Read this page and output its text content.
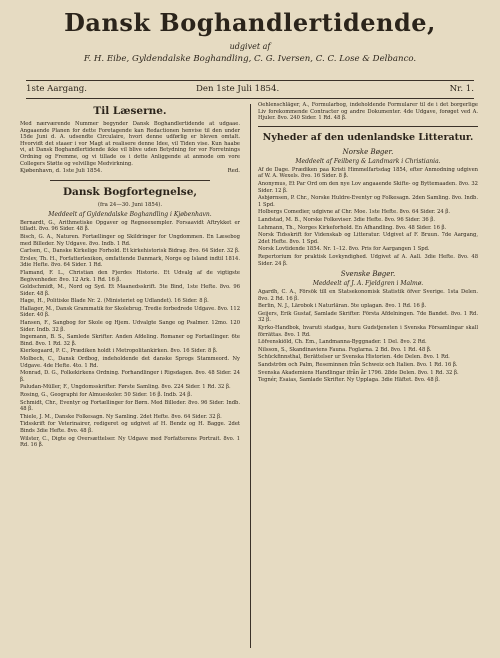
Dansk Boghandlertidende,
udgivet af
F. H. Eibe, Gyldendalske Boghandling, C. G. Iversen, C. C. Lose & Delbanco.
1ste Aargang.	Den 1ste Juli 1854.	Nr. 1.
Til Læserne.

Med nærværende Nummer begynder Dansk Boghandlertidende at udgaae. Angaaende Planen for dette Foretagende kan Redactionen henvise til den under 15de Juni d. A. udsendte Circulaire, hvori denne udførlig er bleven omtalt. Hvorvidt det staaer i vor Magt at realisere denne Idee, vil Tiden vise. Kun haabe vi, at Dansk Boghandlertidende ikke vil blive uden Betydning for vor Forretnings Ordning og Fremme, og vi tillade os i dette Anliggende at anmode om vore Collegers Støtte og velvillige Medvirkning.

Kjøbenhavn, d. 1ste Juli 1854.	Red.
Dansk Bogfortegnelse,
(fra 24—30. Juni 1854).
Meddeelt af Gyldendalske Boghandling i Kjøbenhavn.

Bernardt, G., Arithmetiske Opgaver og Regneexempler. Forsaavidt Aftrykket er tilladt. 8vo. 96 Sider. 48 β.

Bisch, G. A., Naturen. Fortællinger og Skildringer for Ungdommen. En Læsebog med Billeder. Ny Udgave. 8vo. Indb. 1 Rd.

Carlsen, C., Danske Kirkelige Forhold. Et kirkehistorisk Bidrag. 8vo. 64 Sider. 32 β.

Erslev, Th. H., Forfatterlexikon, omfattende Danmark, Norge og Island indtil 1814. 3die Hefte. 8vo. 64 Sider. 1 Rd.

Flamand, F. L., Christian den Fjerdes Historie. Et Udvalg af de vigtigste Begivenheder. 8vo. 12 Ark. 1 Rd. 16 β.

Goldschmidt, M., Nord og Syd. Et Maanedsskrift. 5te Bind, 1ste Hefte. 8vo. 96 Sider. 48 β.

Hage, H., Politiske Blade Nr. 2. (Ministeriet og Udlandet). 16 Sider. 8 β.

Hallager, M., Dansk Grammatik for Skolebrug. Tredie forbedrede Udgave. 8vo. 112 Sider. 40 β.

Hansen, F., Sangbog for Skole og Hjem. Udvalgte Sange og Psalmer. 12mo. 120 Sider. Indb. 32 β.

Ingemann, B. S., Samlede Skrifter. Anden Afdeling. Romaner og Fortællinger. 6te Bind. 8vo. 1 Rd. 32 β.

Kierkegaard, P. C., Prædiken holdt i Metropolitankirken. 8vo. 16 Sider. 8 β.

Molbech, C., Dansk Ordbog, indeholdende det danske Sprogs Stammeord. Ny Udgave. 4de Hefte. 4to. 1 Rd.

Monrad, D. G., Folkekirkens Ordning. Forhandlinger i Rigsdagen. 8vo. 48 Sider. 24 β.

Paludan-Müller, F., Ungdomsskrifter. Første Samling. 8vo. 224 Sider. 1 Rd. 32 β.

Rosing, G., Geographi for Almueskoler. 50 Sider. 16 β. Indb. 24 β.

Schmidt, Chr., Eventyr og Fortællinger for Børn. Med Billeder. 8vo. 96 Sider. Indb. 48 β.

Thiele, J. M., Danske Folkesagn. Ny Samling. 2det Hefte. 8vo. 64 Sider. 32 β.

Tidsskrift for Veterinairer, redigeret og udgivet af H. Bendz og H. Bagge. 2det Binds 3die Hefte. 8vo. 48 β.

Wilster, C., Digte og Oversættelser. Ny Udgave med Forfatterens Portrait. 8vo. 1 Rd. 16 β.

Oehlenschläger, A., Formularbog, indeholdende Formularer til de i det borgerlige Liv forekommende Contracter og andre Dokumenter. 4de Udgave, forøget ved A. Hjuler. 8vo. 240 Sider. 1 Rd. 48 β.

Nyheder af den udenlandske Litteratur.
Norske Bøger.
Meddeelt af Feilberg & Landmark i Christiania.

Af de Dage. Prædiken paa Kristi Himmelfartsdag 1854, efter Anmodning udgiven af W. A. Wexels. 8vo. 16 Sider. 8 β.

Anonymus, Et Par Ord om den nye Lov angaaende Skifte- og Byttemaaden. 8vo. 32 Sider. 12 β.

Asbjørnsen, P. Chr., Norske Huldre-Eventyr og Folkesagn. 2den Samling. 8vo. Indb. 1 Spd.

Holbergs Comedier, udgivne af Chr. Moe. 1ste Hefte. 8vo. 64 Sider. 24 β.

Landstad, M. B., Norske Folkeviser. 3die Hefte. 8vo. 96 Sider. 36 β.

Lehmann, Th., Norges Kirkeforhold. En Afhandling. 8vo. 48 Sider. 16 β.

Norsk Tidsskrift for Videnskab og Litteratur. Udgivet af F. Bruun. 7de Aargang, 2det Hefte. 8vo. 1 Spd.

Norsk Lovtidende 1854. Nr. 1–12. 8vo. Pris for Aargangen 1 Spd.

Repertorium for praktisk Lovkyndighed. Udgivet af A. Aall. 3die Hefte. 8vo. 48 Sider. 24 β.

Svenske Bøger.
Meddeelt af J. A. Fjeldgren i Malmø.

Agardh, C. A., Försök till en Statsekonomisk Statistik öfver Sverige. 1sta Delen. 8vo. 2 Rd. 16 β.

Berlin, N. J., Lärobok i Naturläran. 5te uplagan. 8vo. 1 Rd. 16 β.

Geijers, Erik Gustaf, Samlade Skrifter. Första Afdelningen. 7de Bandet. 8vo. 1 Rd. 32 β.

Kyrko-Handbok, hvaruti stadgas, huru Gudstjensten i Svenska Församlingar skall förrättas. 8vo. 1 Rd.

Löfvenskiöld, Ch. Em., Landmanna-Byggnader. 1 Del. 8vo. 2 Rd.

Nilsson, S., Skandinaviens Fauna. Foglarna. 2 Bd. 8vo. 1 Rd. 48 β.

Schückfinnsthal, Berättelser ur Svenska Historien. 4de Delen. 8vo. 1 Rd.

Sandström och Palm, Reseminnen från Schweiz och Italien. 8vo. 1 Rd. 16 β.

Svenska Akademiens Handlingar ifrån år 1796. 28de Delen. 8vo. 1 Rd. 32 β.

Tegnér, Esaias, Samlade Skrifter. Ny Upplaga. 3die Häftet. 8vo. 48 β.
